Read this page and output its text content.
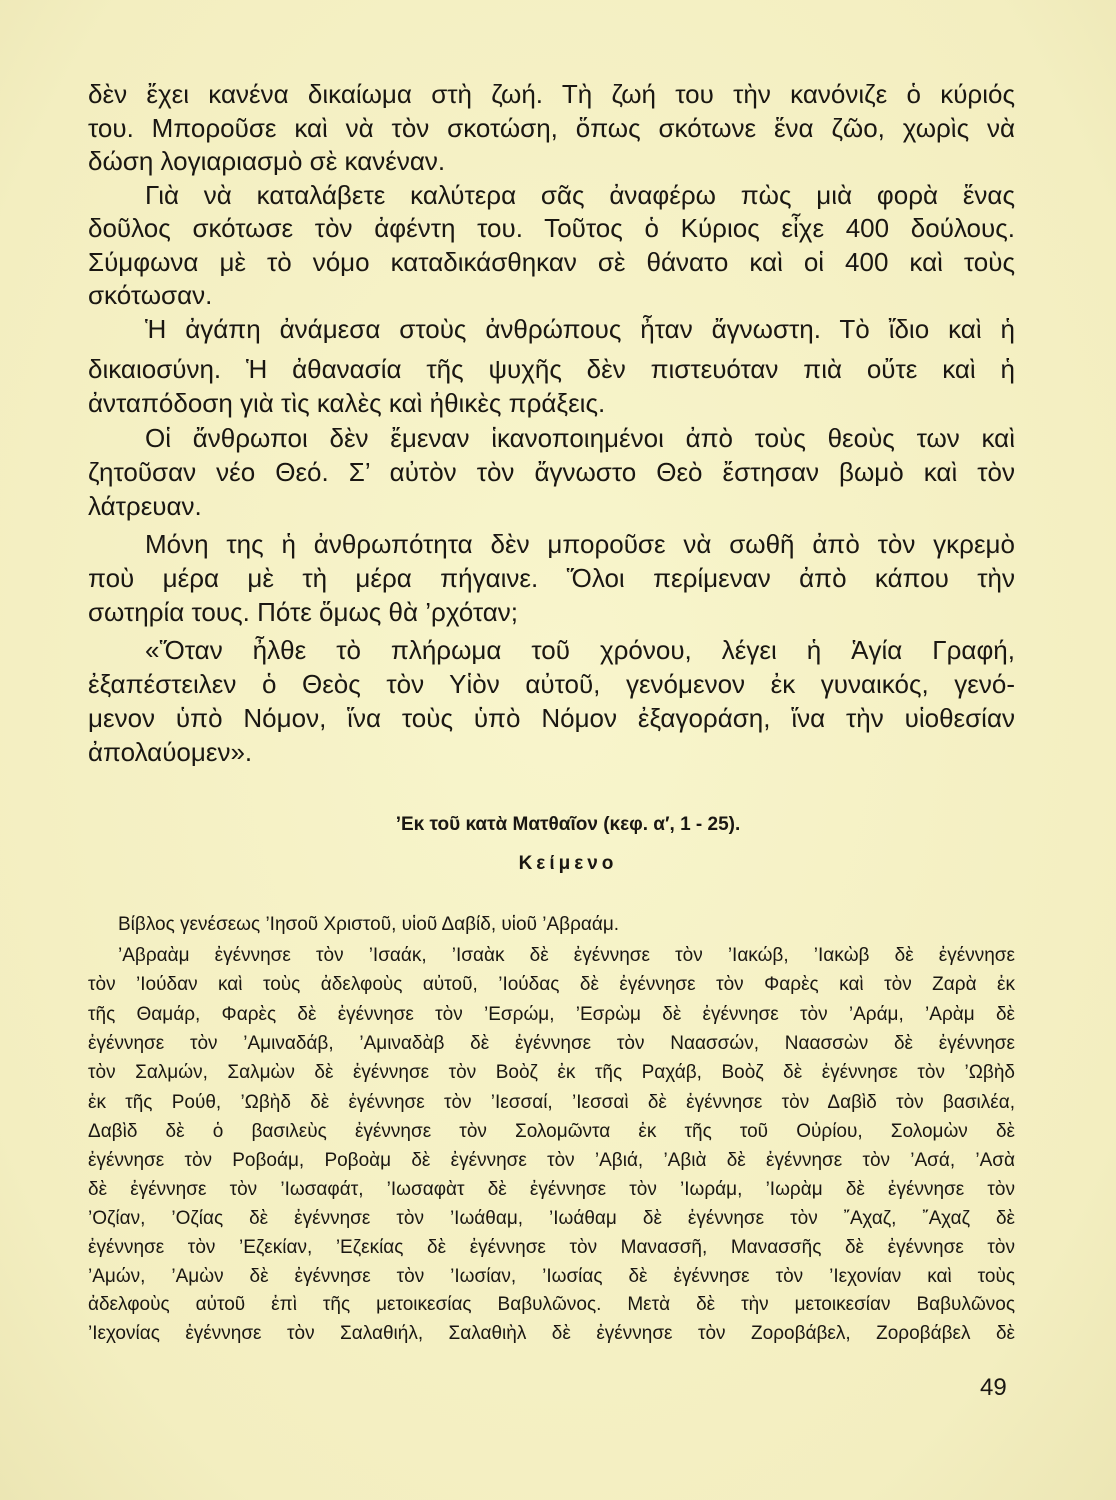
δὲν ἔχει κανένα δικαίωμα στὴ ζωή. Τὴ ζωή του τὴν κανόνιζε ὁ κύριός
του. Μποροῦσε καὶ νὰ τὸν σκοτώση, ὅπως σκότωνε ἕνα ζῶο, χωρὶς νὰ
δώση λογιαριασμὸ σὲ κανέναν.
Γιὰ νὰ καταλάβετε καλύτερα σᾶς ἀναφέρω πὼς μιὰ φορὰ ἕνας
δοῦλος σκότωσε τὸν ἀφέντη του. Τοῦτος ὁ Κύριος εἶχε 400 δούλους.
Σύμφωνα μὲ τὸ νόμο καταδικάσθηκαν σὲ θάνατο καὶ οἱ 400 καὶ τοὺς
σκότωσαν.
Ἡ ἀγάπη ἀνάμεσα στοὺς ἀνθρώπους ἦταν ἄγνωστη. Τὸ ἴδιο καὶ ἡ
δικαιοσύνη. Ἡ ἀθανασία τῆς ψυχῆς δὲν πιστευόταν πιὰ οὔτε καὶ ἡ
ἀνταπόδοση γιὰ τὶς καλὲς καὶ ἠθικὲς πράξεις.
Οἱ ἄνθρωποι δὲν ἔμεναν ἱκανοποιημένοι ἀπὸ τοὺς θεοὺς των καὶ
ζητοῦσαν νέο Θεό. Σ’ αὐτὸν τὸν ἄγνωστο Θεὸ ἔστησαν βωμὸ καὶ τὸν
λάτρευαν.
Μόνη της ἡ ἀνθρωπότητα δὲν μποροῦσε νὰ σωθῆ ἀπὸ τὸν γκρεμὸ
ποὺ μέρα μὲ τὴ μέρα πήγαινε. Ὅλοι περίμεναν ἀπὸ κάπου τὴν
σωτηρία τους. Πότε ὅμως θὰ ’ρχόταν;
«Ὅταν ἦλθε τὸ πλήρωμα τοῦ χρόνου, λέγει ἡ Ἁγία Γραφή,
ἐξαπέστειλεν ὁ Θεὸς τὸν Υἱὸν αὐτοῦ, γενόμενον ἐκ γυναικός, γενό-
μενον ὑπὸ Νόμον, ἵνα τοὺς ὑπὸ Νόμον ἐξαγοράση, ἵνα τὴν υἱοθεσίαν
ἀπολαύομεν».
’Εκ τοῦ κατὰ Ματθαῖον (κεφ. α′, 1 - 25).
Κείμενο
Βίβλος γενέσεως ’Ιησοῦ Χριστοῦ, υἱοῦ Δαβίδ, υἱοῦ ’Αβραάμ.
’Αβραὰμ ἐγέννησε τὸν ’Ισαάκ, ’Ισαὰκ δὲ ἐγέννησε τὸν ’Ιακώβ, ’Ιακὼβ δὲ ἐγέννησε
τὸν ’Ιούδαν καὶ τοὺς ἀδελφοὺς αὐτοῦ, ’Ιούδας δὲ ἐγέννησε τὸν Φαρὲς καὶ τὸν Ζαρὰ ἐκ
τῆς Θαμάρ, Φαρὲς δὲ ἐγέννησε τὸν ’Εσρώμ, ’Εσρὼμ δὲ ἐγέννησε τὸν ’Αράμ, ’Αρὰμ δὲ
ἐγέννησε τὸν ’Αμιναδάβ, ’Αμιναδὰβ δὲ ἐγέννησε τὸν Ναασσών, Ναασσὼν δὲ ἐγέννησε
τὸν Σαλμών, Σαλμὼν δὲ ἐγέννησε τὸν Βοὸζ ἐκ τῆς Ραχάβ, Βοὸζ δὲ ἐγέννησε τὸν ’Ωβὴδ
ἐκ τῆς Ρούθ, ’Ωβὴδ δὲ ἐγέννησε τὸν ’Ιεσσαί, ’Ιεσσαὶ δὲ ἐγέννησε τὸν Δαβὶδ τὸν βασιλέα,
Δαβὶδ δὲ ὁ βασιλεὺς ἐγέννησε τὸν Σολομῶντα ἐκ τῆς τοῦ Οὐρίου, Σολομὼν δὲ
ἐγέννησε τὸν Ροβοάμ, Ροβοὰμ δὲ ἐγέννησε τὸν ’Αβιά, ’Αβιὰ δὲ ἐγέννησε τὸν ’Ασά, ’Ασὰ
δὲ ἐγέννησε τὸν ’Ιωσαφάτ, ’Ιωσαφὰτ δὲ ἐγέννησε τὸν ’Ιωράμ, ’Ιωρὰμ δὲ ἐγέννησε τὸν
’Οζίαν, ’Οζίας δὲ ἐγέννησε τὸν ’Ιωάθαμ, ’Ιωάθαμ δὲ ἐγέννησε τὸν ῎Αχαζ, ῎Αχαζ δὲ
ἐγέννησε τὸν ’Εζεκίαν, ’Εζεκίας δὲ ἐγέννησε τὸν Μανασσῆ, Μανασσῆς δὲ ἐγέννησε τὸν
’Αμών, ’Αμὼν δὲ ἐγέννησε τὸν ’Ιωσίαν, ’Ιωσίας δὲ ἐγέννησε τὸν ’Ιεχονίαν καὶ τοὺς
ἀδελφοὺς αὐτοῦ ἐπὶ τῆς μετοικεσίας Βαβυλῶνος. Μετὰ δὲ τὴν μετοικεσίαν Βαβυλῶνος
’Ιεχονίας ἐγέννησε τὸν Σαλαθιήλ, Σαλαθιὴλ δὲ ἐγέννησε τὸν Ζοροβάβελ, Ζοροβάβελ δὲ
49
